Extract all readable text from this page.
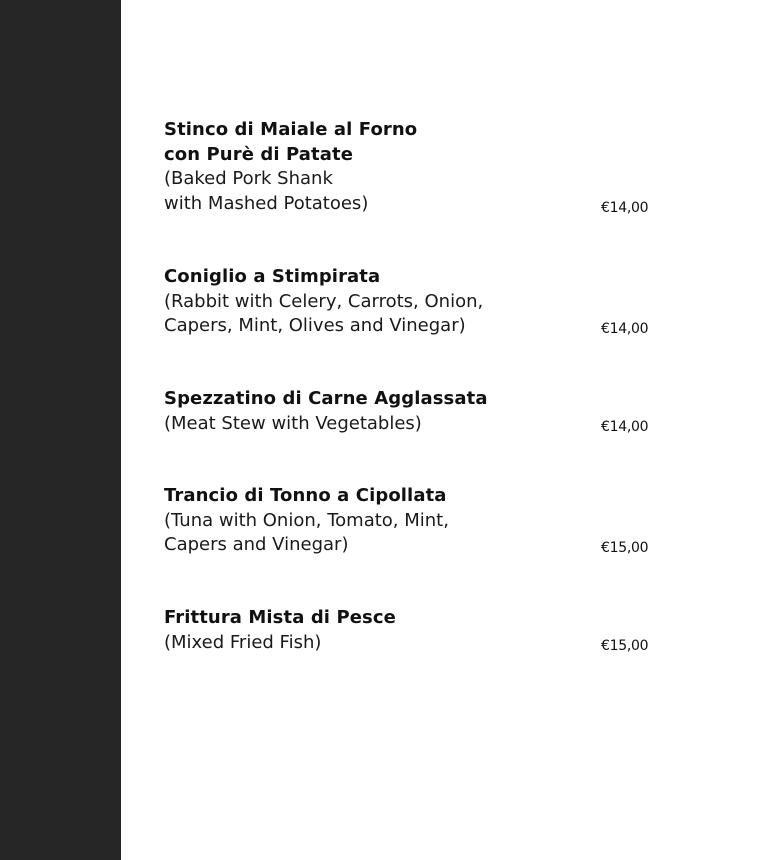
Stinco di Maiale al Forno
con Purè di Patate
(Baked Pork Shank
with Mashed Potatoes)	€14,00
Coniglio a Stimpirata
(Rabbit with Celery, Carrots, Onion,
Capers, Mint, Olives and Vinegar)	€14,00
Spezzatino di Carne Agglassata
(Meat Stew with Vegetables)	€14,00
Trancio di Tonno a Cipollata
(Tuna with Onion, Tomato, Mint,
Capers and Vinegar)	€15,00
Frittura Mista di Pesce
(Mixed Fried Fish)	€15,00
